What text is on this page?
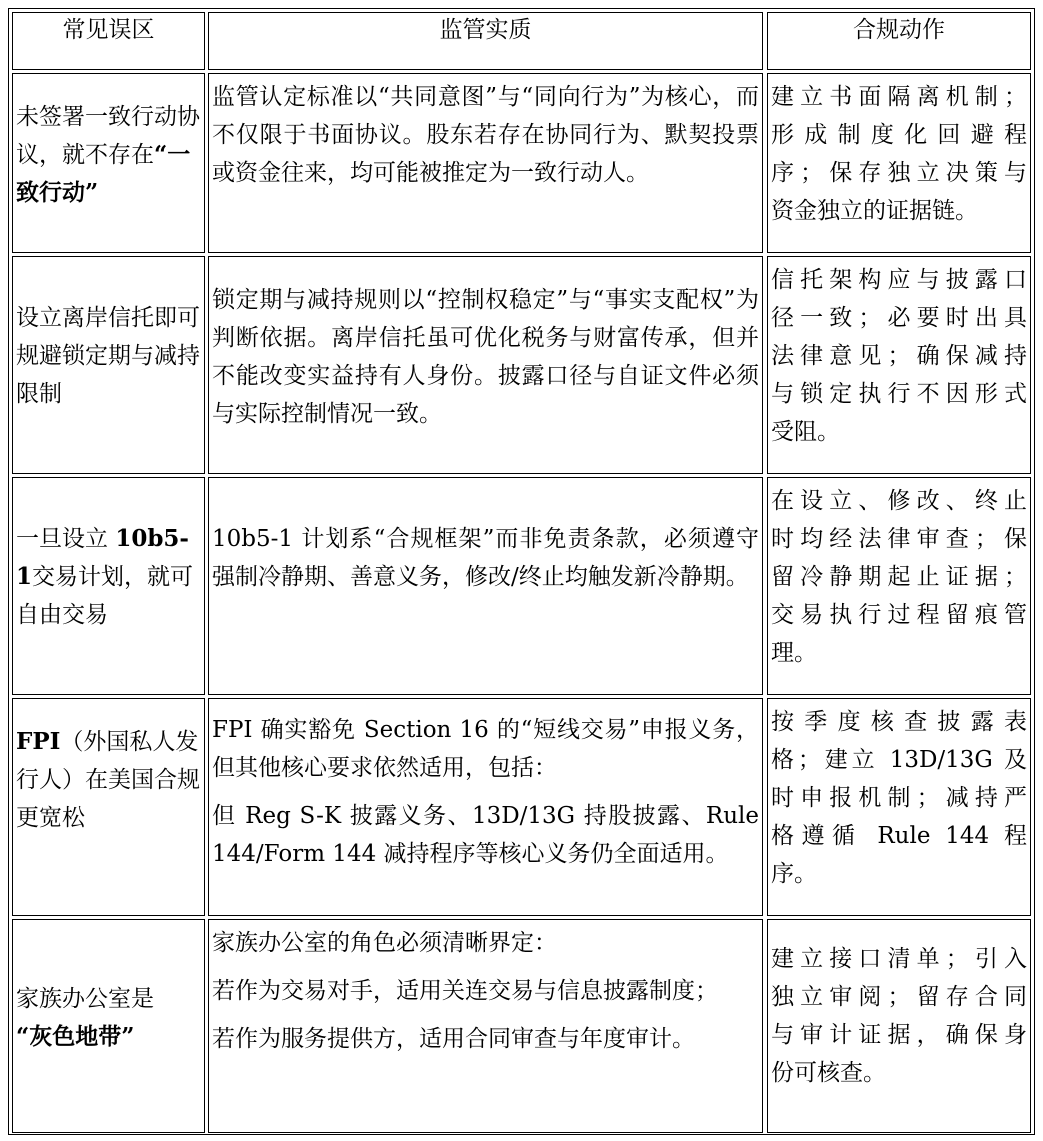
常见误区	监管实质	合规动作
未签署一致行动协议，就不存在“一致行动”

监管认定标准以“共同意图”与“同向行为”为核心，而不仅限于书面协议。股东若存在协同行为、默契投票或资金往来，均可能被推定为一致行动人。

建立书面隔离机制；
形成制度化回避程
序；保存独立决策与
资金独立的证据链。
设立离岸信托即可规避锁定期与减持限制

锁定期与减持规则以“控制权稳定”与“事实支配权”为判断依据。离岸信托虽可优化税务与财富传承，但并不能改变实益持有人身份。披露口径与自证文件必须与实际控制情况一致。

信托架构应与披露口
径一致；必要时出具
法律意见；确保减持
与锁定执行不因形式
受阻。
一旦设立 10b5-1交易计划，就可自由交易

10b5-1 计划系“合规框架”而非免责条款，必须遵守强制冷静期、善意义务，修改/终止均触发新冷静期。

在设立、修改、终止
时均经法律审查；保
留冷静期起止证据；
交易执行过程留痕管
理。
FPI（外国私人发行人）在美国合规更宽松

FPI 确实豁免 Section 16 的“短线交易”申报义务，但其他核心要求依然适用，包括：

但 Reg S-K 披露义务、13D/13G 持股披露、Rule 144/Form 144 减持程序等核心义务仍全面适用。

按季度核查披露表
格；建立 13D/13G 及
时申报机制；减持严
格遵循 Rule 144 程
序。
家族办公室是
“灰色地带”

家族办公室的角色必须清晰界定：

若作为交易对手，适用关连交易与信息披露制度；

若作为服务提供方，适用合同审查与年度审计。

建立接口清单；引入
独立审阅；留存合同
与审计证据，确保身
份可核查。
